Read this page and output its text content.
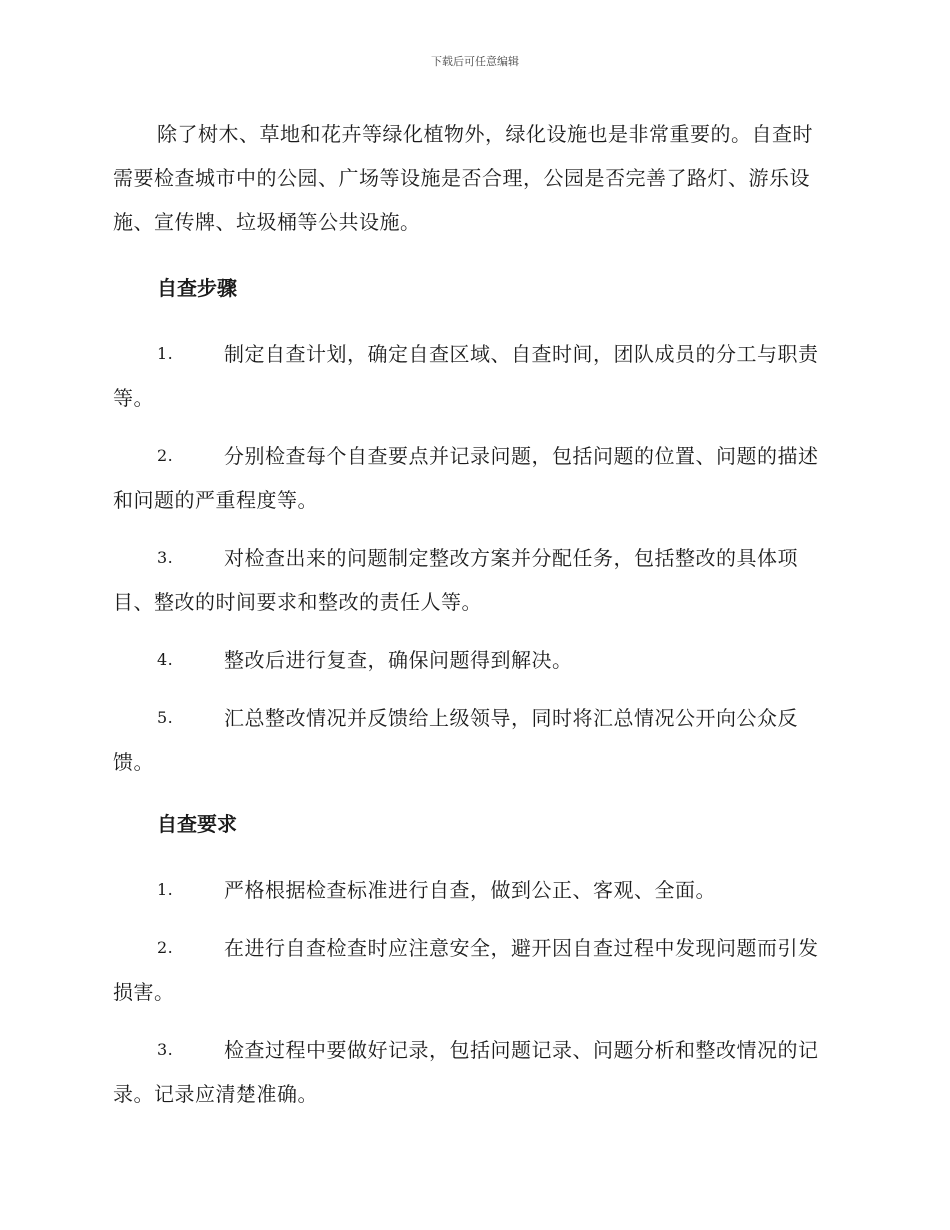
下载后可任意编辑

除了树木、草地和花卉等绿化植物外，绿化设施也是非常重要的。自查时需要检查城市中的公园、广场等设施是否合理，公园是否完善了路灯、游乐设施、宣传牌、垃圾桶等公共设施。

自查步骤
1.	制定自查计划，确定自查区域、自查时间，团队成员的分工与职责等。
2.	分别检查每个自查要点并记录问题，包括问题的位置、问题的描述和问题的严重程度等。
3.	对检查出来的问题制定整改方案并分配任务，包括整改的具体项目、整改的时间要求和整改的责任人等。
4.	整改后进行复查，确保问题得到解决。
5.	汇总整改情况并反馈给上级领导，同时将汇总情况公开向公众反馈。
自查要求
1.	严格根据检查标准进行自查，做到公正、客观、全面。
2.	在进行自查检查时应注意安全，避开因自查过程中发现问题而引发损害。
3.	检查过程中要做好记录，包括问题记录、问题分析和整改情况的记录。记录应清楚准确。
